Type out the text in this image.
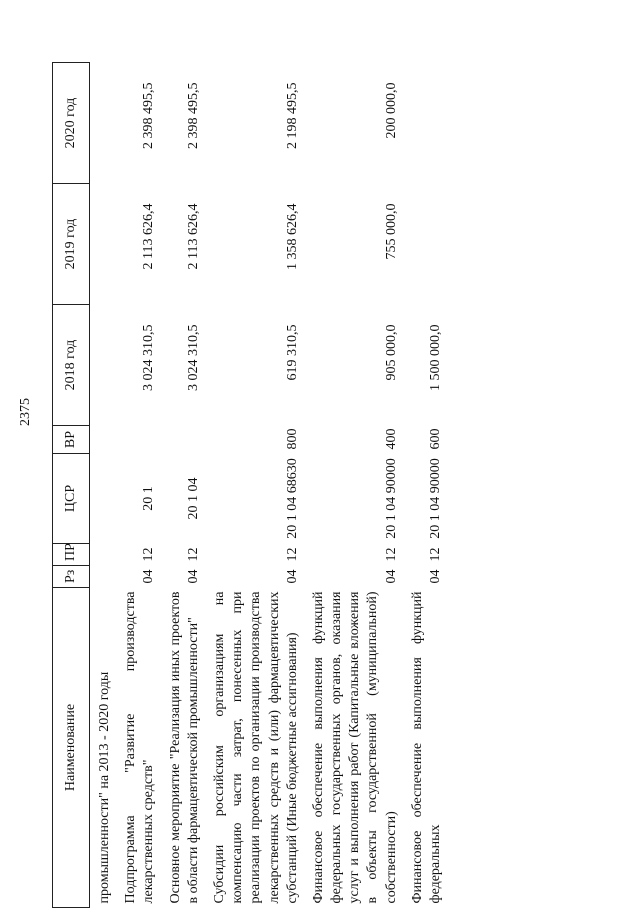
2375
Наименование	Рз	ПР	ЦСР	ВР	2018 год	2019 год	2020 год
промышленности" на 2013 - 2020 годы							
Подпрограмма "Развитие производства лекарственных средств"	04	12	20 1		3 024 310,5	2 113 626,4	2 398 495,5
Основное мероприятие "Реализация иных проектов в области фармацевтической промышленности"	04	12	20 1 04		3 024 310,5	2 113 626,4	2 398 495,5
Субсидии российским организациям на компенсацию части затрат, понесенных при реализации проектов по организации производства лекарственных средств и (или) фармацевтических субстанций (Иные бюджетные ассигнования)	04	12	20 1 04 68630	800	619 310,5	1 358 626,4	2 198 495,5
Финансовое обеспечение выполнения функций федеральных государственных органов, оказания услуг и выполнения работ (Капитальные вложения в объекты государственной (муниципальной) собственности)	04	12	20 1 04 90000	400	905 000,0	755 000,0	200 000,0
Финансовое обеспечение выполнения функций федеральных	04	12	20 1 04 90000	600	1 500 000,0		
